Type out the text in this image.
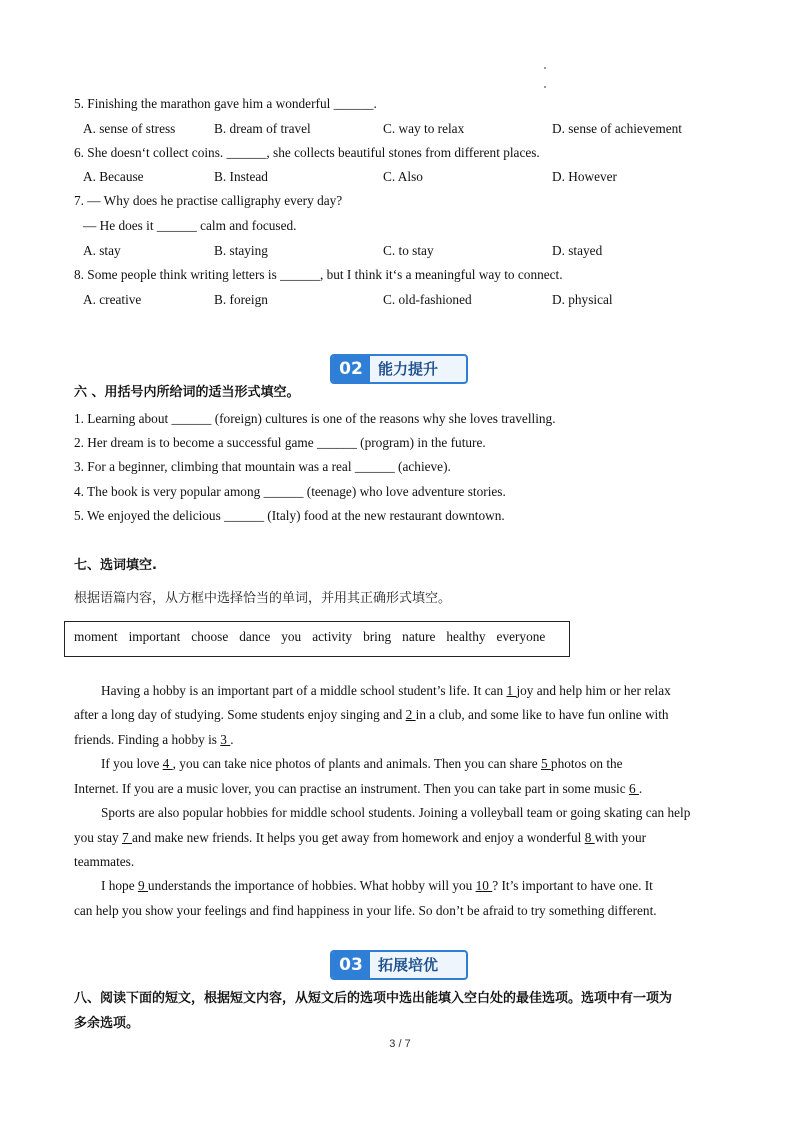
5. Finishing the marathon gave him a wonderful ______.
A. sense of stress	B. dream of travel	C. way to relax	D. sense of achievement
6. She doesn‘t collect coins. ______, she collects beautiful stones from different places.
A. Because	B. Instead	C. Also	D. However
7. — Why does he practise calligraphy every day?
— He does it ______ calm and focused.
A. stay	B. staying	C. to stay	D. stayed
8. Some people think writing letters is ______, but I think it‘s a meaningful way to connect.
A. creative	B. foreign	C. old-fashioned	D. physical
02	能力提升
六 、用括号内所给词的适当形式填空。
1. Learning about ______ (foreign) cultures is one of the reasons why she loves travelling.
2. Her dream is to become a successful game ______ (program) in the future.
3. For a beginner, climbing that mountain was a real ______ (achieve).
4. The book is very popular among ______ (teenage) who love adventure stories.
5. We enjoyed the delicious ______ (Italy) food at the new restaurant downtown.
七、选词填空.
根据语篇内容，从方框中选择恰当的单词，并用其正确形式填空。
moment important choose dance you activity bring nature healthy everyone
Having a hobby is an important part of a middle school student’s life. It can 1 joy and help him or her relax
after a long day of studying. Some students enjoy singing and 2 in a club, and some like to have fun online with
friends. Finding a hobby is 3 .
If you love 4 , you can take nice photos of plants and animals. Then you can share 5 photos on the
Internet. If you are a music lover, you can practise an instrument. Then you can take part in some music 6 .
Sports are also popular hobbies for middle school students. Joining a volleyball team or going skating can help
you stay 7 and make new friends. It helps you get away from homework and enjoy a wonderful 8 with your
teammates.
I hope 9 understands the importance of hobbies. What hobby will you 10 ? It’s important to have one. It
can help you show your feelings and find happiness in your life. So don’t be afraid to try something different.
03	拓展培优
八、阅读下面的短文，根据短文内容，从短文后的选项中选出能填入空白处的最佳选项。选项中有一项为
多余选项。
3 / 7
